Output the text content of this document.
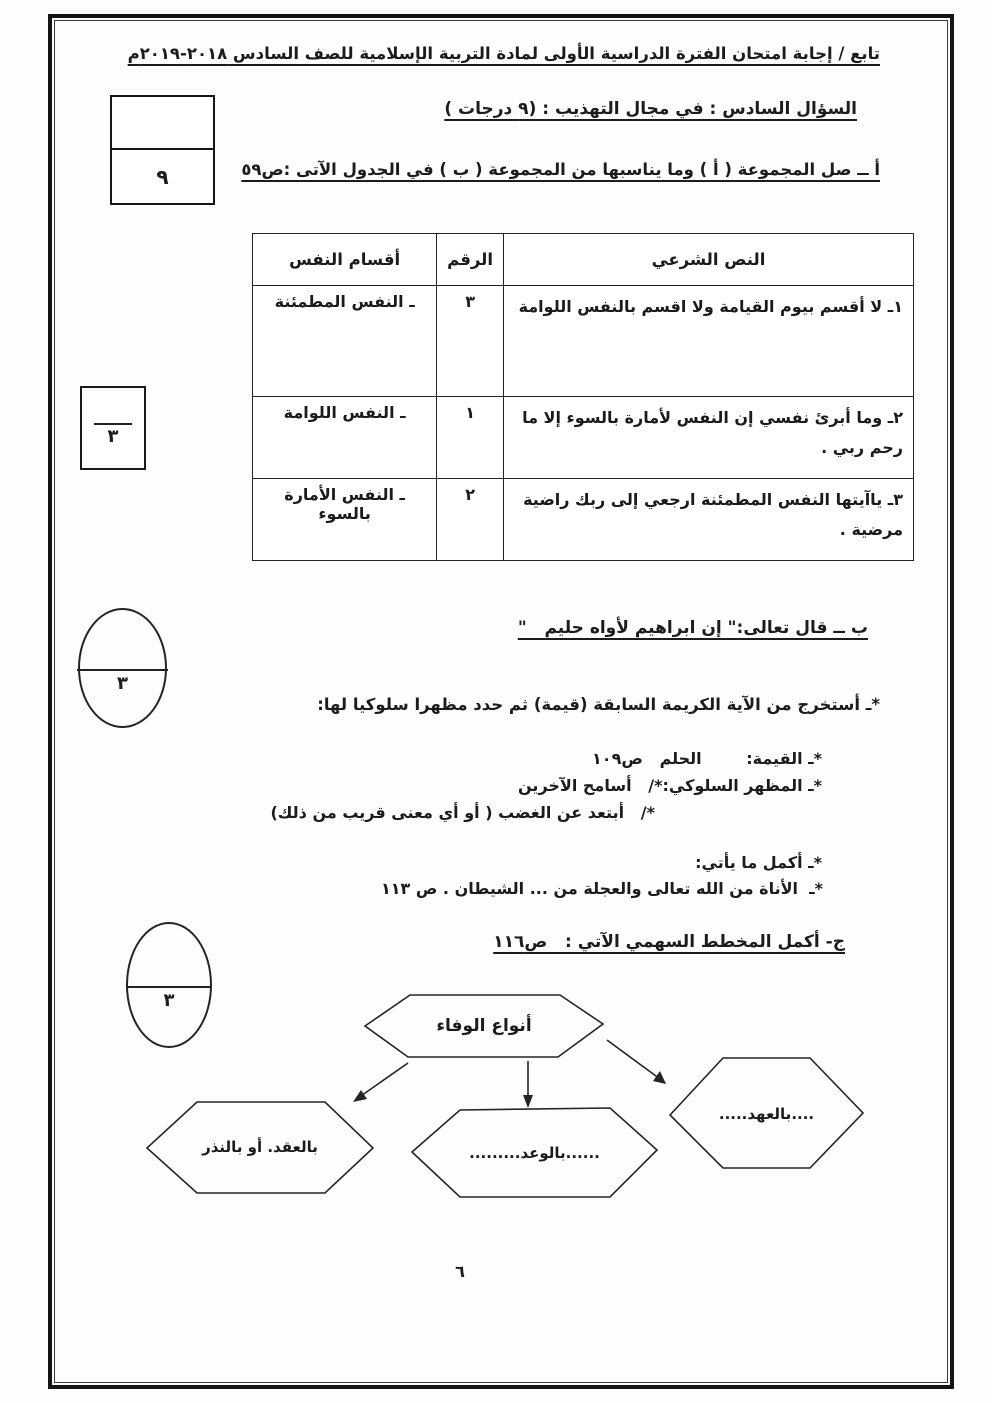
تابع / إجابة امتحان الفترة الدراسية الأولى لمادة التربية الإسلامية للصف السادس ٢٠١٨-٢٠١٩م
٩
السؤال السادس : في مجال التهذيب : (٩ درجات )
أ ــ صل المجموعة ( أ ) وما يناسبها من المجموعة ( ب ) في الجدول الآتى :ص٥٩
النص الشرعي	الرقم	أقسام النفس
١ـ لا أقسم بيوم القيامة ولا اقسم بالنفس اللوامة	٣	ـ النفس المطمئنة
٢ـ وما أبرئ نفسي إن النفس لأمارة بالسوء إلا ما رحم ربي .	١	ـ النفس اللوامة
٣ـ ياآيتها النفس المطمئنة ارجعي إلى ربك راضية مرضية .	٢	ـ النفس الأمارة بالسوء
٣
ب ــ قال تعالى:" إن ابراهيم لأواه حليم   "
٣
*ـ أستخرج من الآية الكريمة السابقة (قيمة) ثم حدد مظهرا سلوكيا لها:
*ـ القيمة:        الحلم   ص١٠٩
*ـ المظهر السلوكي:*/   أسامح الآخرين
*/   أبتعد عن الغضب ( أو أي معنى قريب من ذلك)
*ـ أكمل ما يأتي:
*ـ  الأناة من الله تعالى والعجلة من ... الشيطان . ص ١١٣
ج- أكمل المخطط السهمي الآتي :   ص١١٦
٣
أنواع الوفاء
....بالعهد.....
......بالوعد.........
بالعقد. أو بالنذر
٦
